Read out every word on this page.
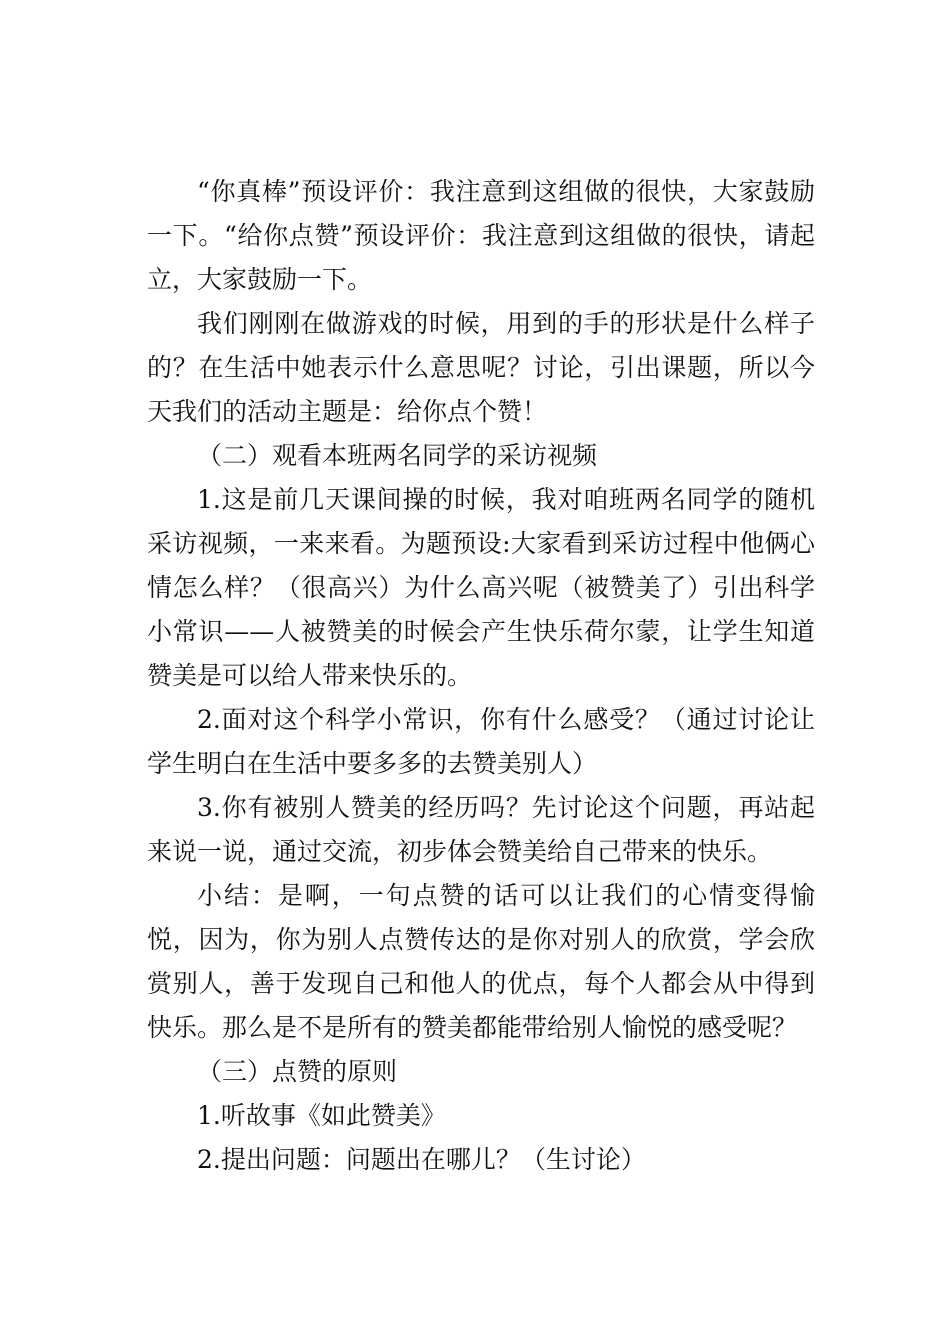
“你真棒”预设评价：我注意到这组做的很快，大家鼓励一下。“给你点赞”预设评价：我注意到这组做的很快，请起立，大家鼓励一下。

我们刚刚在做游戏的时候，用到的手的形状是什么样子的？在生活中她表示什么意思呢？讨论，引出课题，所以今天我们的活动主题是：给你点个赞！

（二）观看本班两名同学的采访视频

1.这是前几天课间操的时候，我对咱班两名同学的随机采访视频，一来来看。为题预设:大家看到采访过程中他俩心情怎么样？（很高兴）为什么高兴呢（被赞美了）引出科学小常识——人被赞美的时候会产生快乐荷尔蒙，让学生知道赞美是可以给人带来快乐的。

2.面对这个科学小常识，你有什么感受？（通过讨论让学生明白在生活中要多多的去赞美别人）

3.你有被别人赞美的经历吗？先讨论这个问题，再站起来说一说，通过交流，初步体会赞美给自己带来的快乐。

小结：是啊，一句点赞的话可以让我们的心情变得愉悦，因为，你为别人点赞传达的是你对别人的欣赏，学会欣赏别人，善于发现自己和他人的优点，每个人都会从中得到快乐。那么是不是所有的赞美都能带给别人愉悦的感受呢？

（三）点赞的原则

1.听故事《如此赞美》

2.提出问题：问题出在哪儿？（生讨论）
